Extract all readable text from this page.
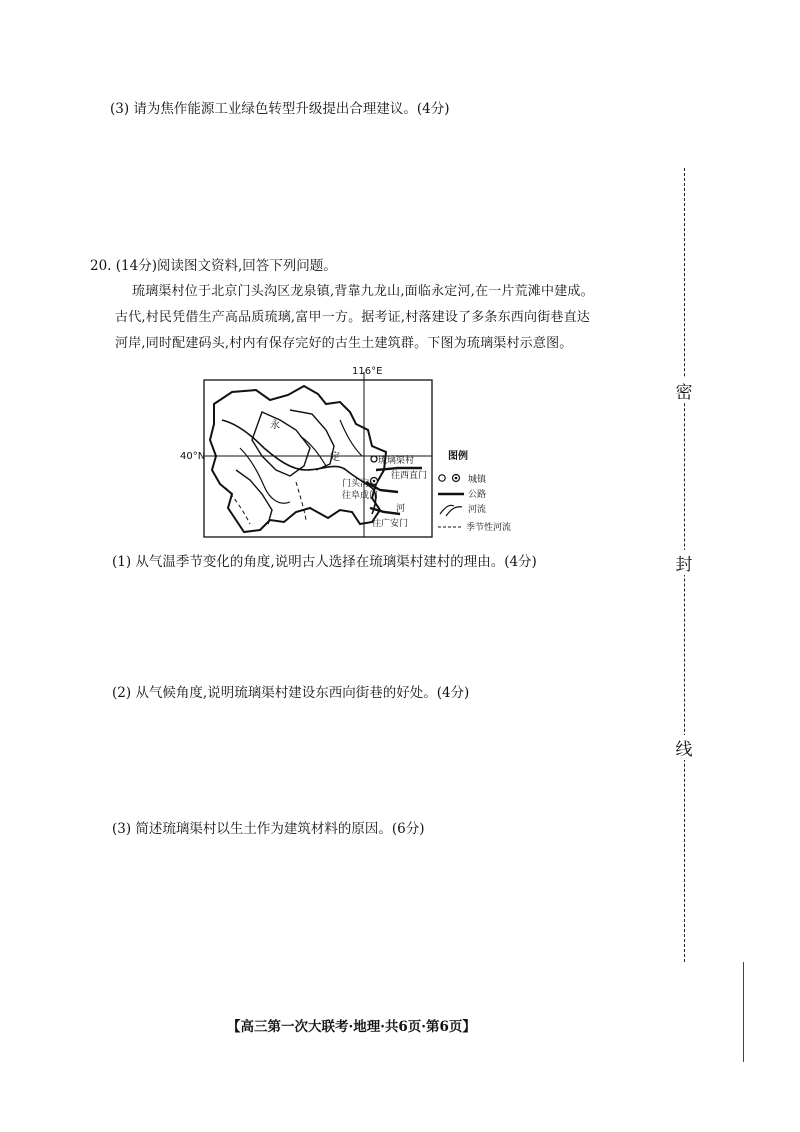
(3) 请为焦作能源工业绿色转型升级提出合理建议。(4分)
20. (14分)阅读图文资料,回答下列问题。
琉璃渠村位于北京门头沟区龙泉镇,背靠九龙山,面临永定河,在一片荒滩中建成。
古代,村民凭借生产高品质琉璃,富甲一方。据考证,村落建设了多条东西向街巷直达
河岸,同时配建码头,村内有保存完好的古生土建筑群。下图为琉璃渠村示意图。
116°E
40°N
永
定	琉璃渠村
往西直门
门头沟
往阜成门
河
往广安门
图例
城镇
公路
河流
季节性河流
(1) 从气温季节变化的角度,说明古人选择在琉璃渠村建村的理由。(4分)
(2) 从气候角度,说明琉璃渠村建设东西向街巷的好处。(4分)
(3) 简述琉璃渠村以生土作为建筑材料的原因。(6分)
密
封
线
【高三第一次大联考·地理·共6页·第6页】
